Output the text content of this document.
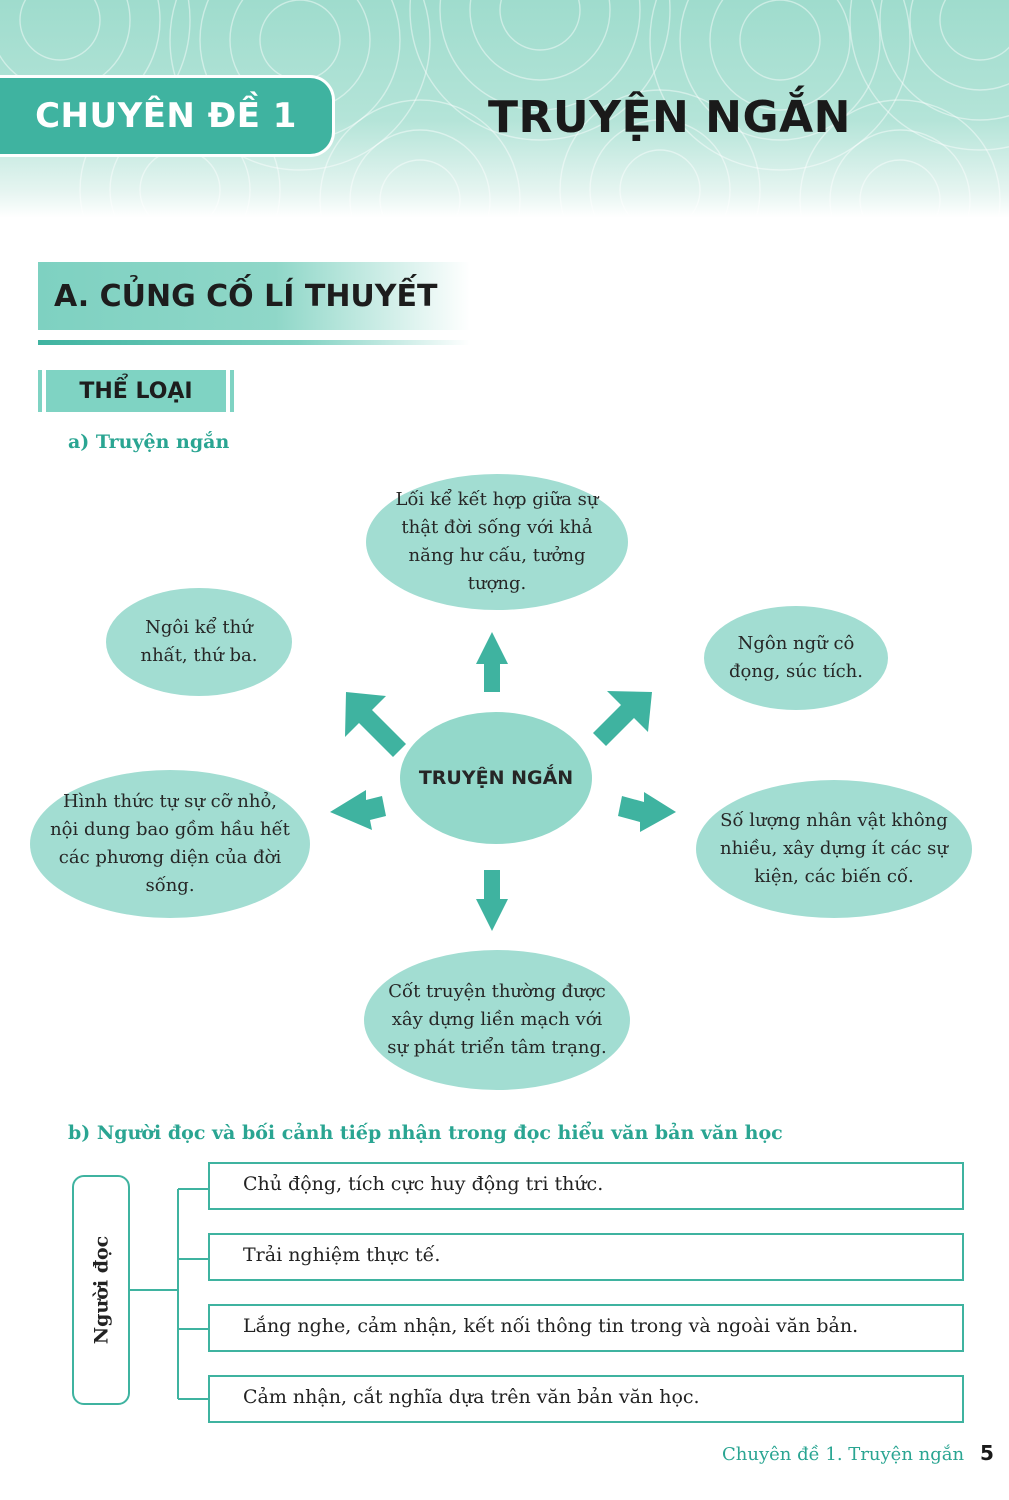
CHUYÊN ĐỀ 1	TRUYỆN NGẮN
A. CỦNG CỐ LÍ THUYẾT
THỂ LOẠI
a) Truyện ngắn
Lối kể kết hợp giữa sự thật đời sống với khả năng hư cấu, tưởng tượng.
Ngôi kể thứ nhất, thứ ba.
Ngôn ngữ cô đọng, súc tích.
TRUYỆN NGẮN
Hình thức tự sự cỡ nhỏ, nội dung bao gồm hầu hết các phương diện của đời sống.
Số lượng nhân vật không nhiều, xây dựng ít các sự kiện, các biến cố.
Cốt truyện thường được xây dựng liền mạch với sự phát triển tâm trạng.
b) Người đọc và bối cảnh tiếp nhận trong đọc hiểu văn bản văn học
Người đọc
Chủ động, tích cực huy động tri thức.
Trải nghiệm thực tế.
Lắng nghe, cảm nhận, kết nối thông tin trong và ngoài văn bản.
Cảm nhận, cắt nghĩa dựa trên văn bản văn học.
Chuyên đề 1. Truyện ngắn 5
